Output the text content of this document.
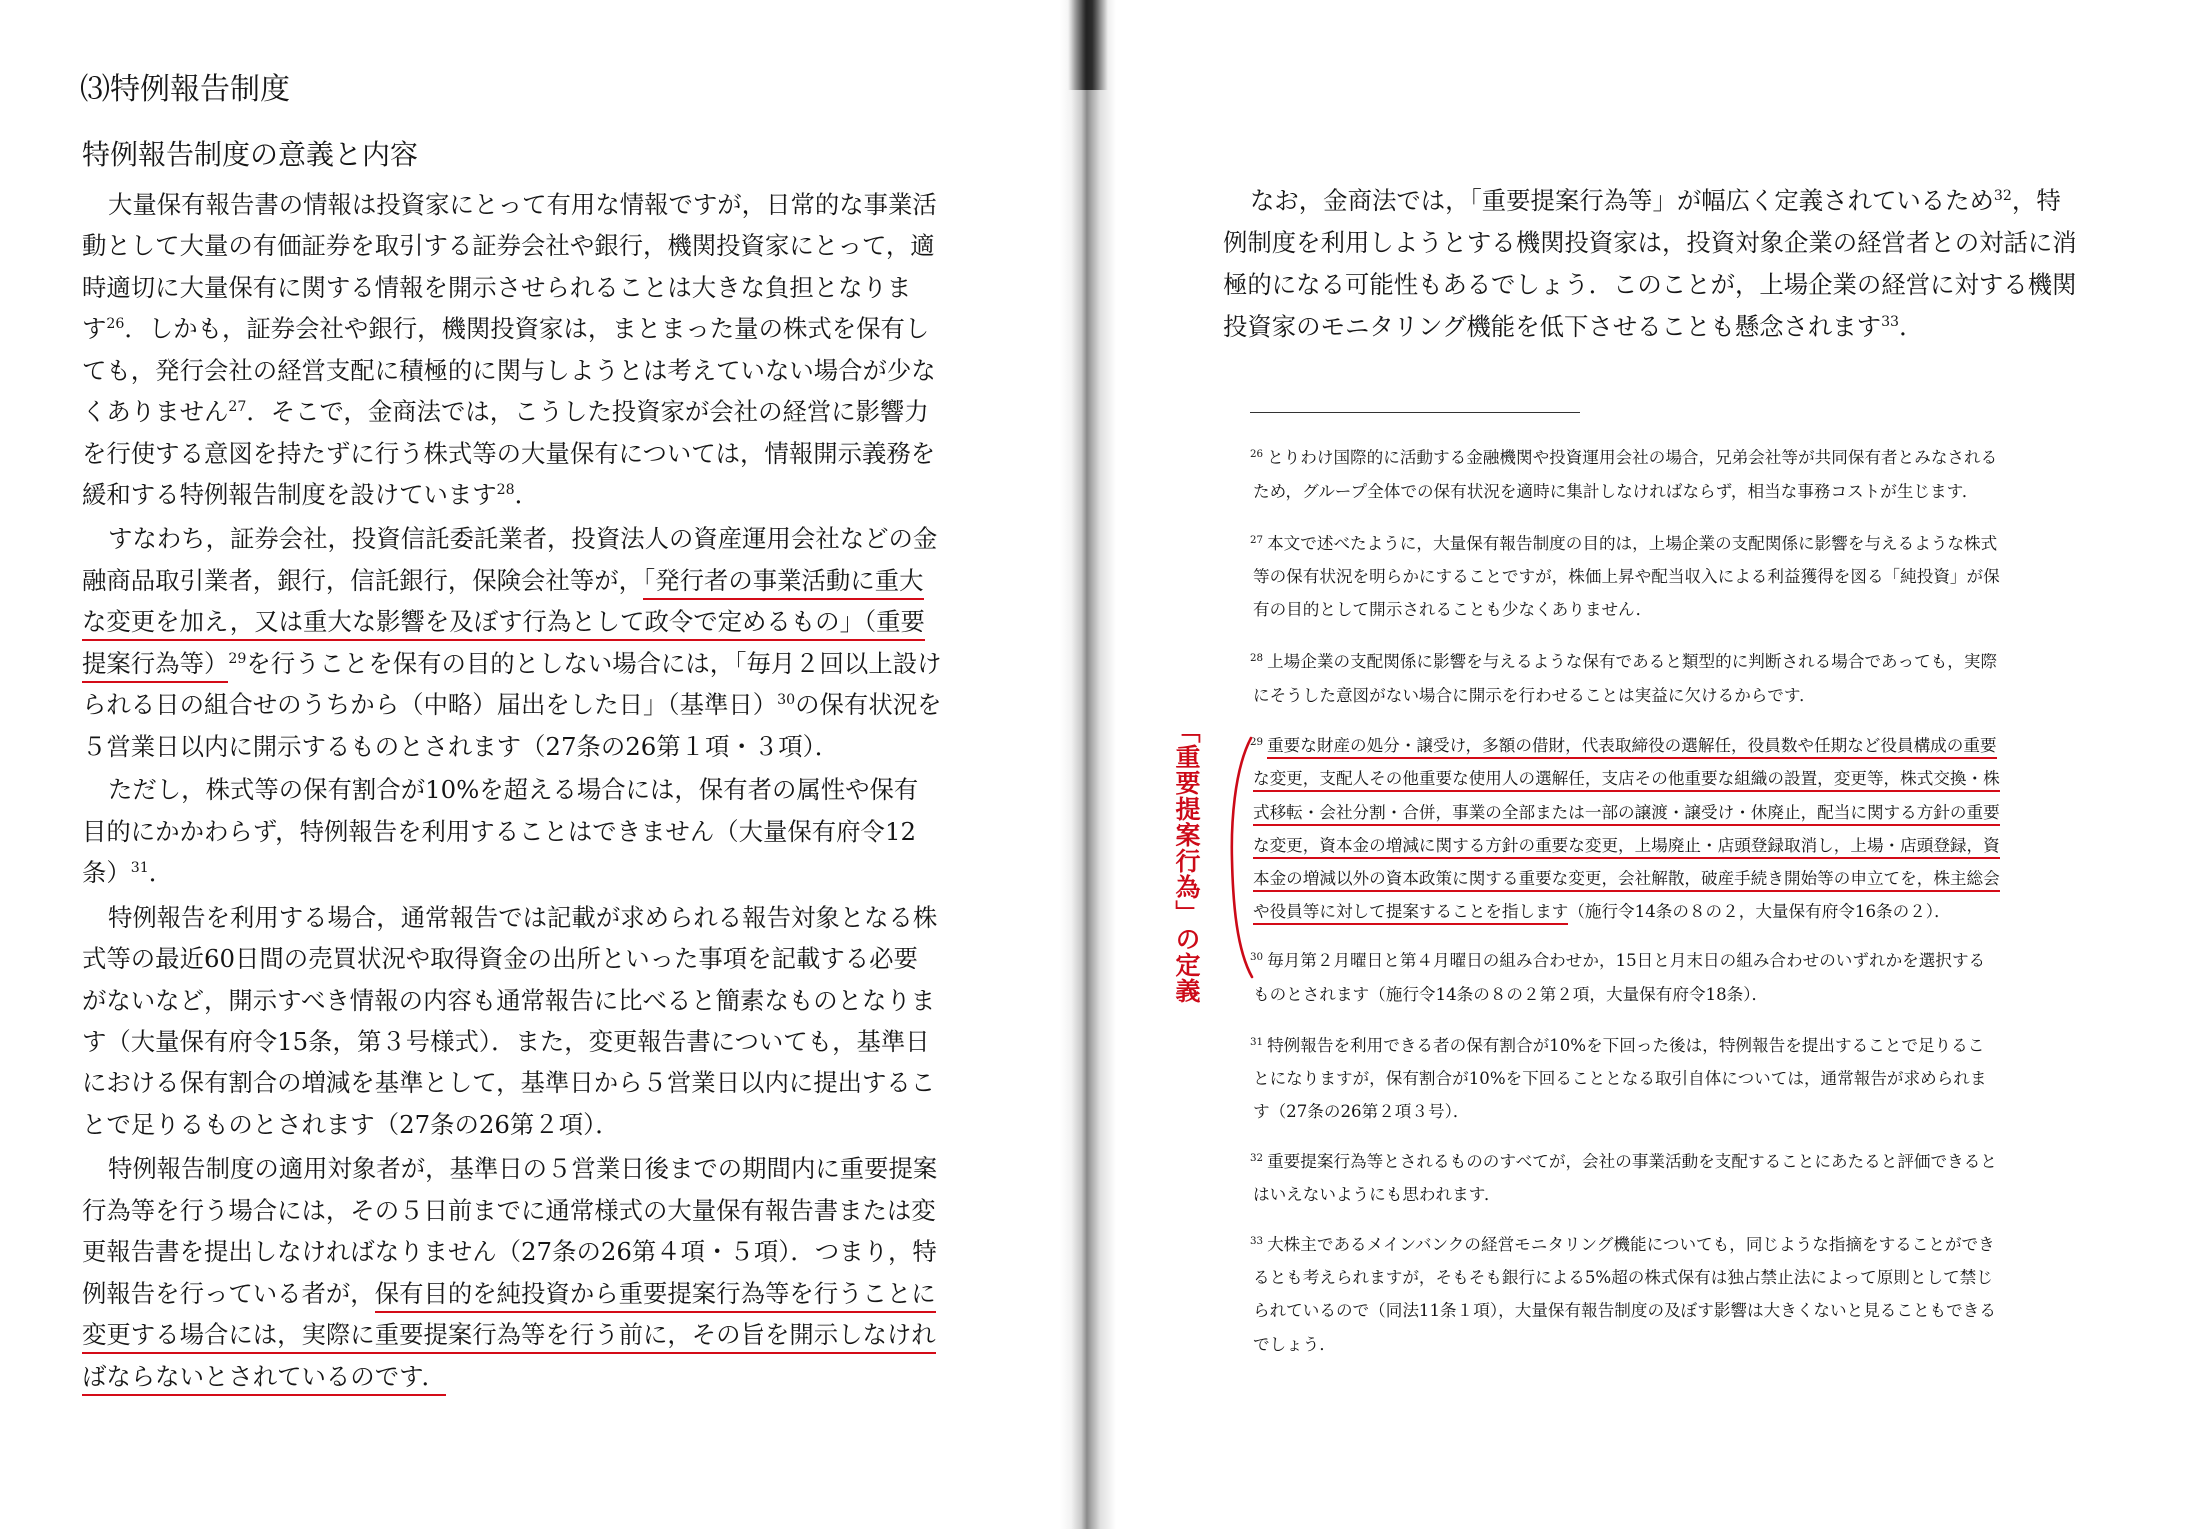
⑶特例報告制度
特例報告制度の意義と内容
大量保有報告書の情報は投資家にとって有用な情報ですが，日常的な事業活
動として大量の有価証券を取引する証券会社や銀行，機関投資家にとって，適
時適切に大量保有に関する情報を開示させられることは大きな負担となりま
す$^{26}$．しかも，証券会社や銀行，機関投資家は，まとまった量の株式を保有し
ても，発行会社の経営支配に積極的に関与しようとは考えていない場合が少な
くありません$^{27}$．そこで，金商法では，こうした投資家が会社の経営に影響力
を行使する意図を持たずに行う株式等の大量保有については，情報開示義務を
緩和する特例報告制度を設けています$^{28}$．
すなわち，証券会社，投資信託委託業者，投資法人の資産運用会社などの金
融商品取引業者，銀行，信託銀行，保険会社等が，「発行者の事業活動に重大
な変更を加え，又は重大な影響を及ぼす行為として政令で定めるもの」（重要
提案行為等）$^{29}$を行うことを保有の目的としない場合には，「毎月２回以上設け
られる日の組合せのうちから（中略）届出をした日」（基準日）$^{30}$の保有状況を
５営業日以内に開示するものとされます（27条の26第１項・３項）．
ただし，株式等の保有割合が10%を超える場合には，保有者の属性や保有
目的にかかわらず，特例報告を利用することはできません（大量保有府令12
条）$^{31}$．
特例報告を利用する場合，通常報告では記載が求められる報告対象となる株
式等の最近60日間の売買状況や取得資金の出所といった事項を記載する必要
がないなど，開示すべき情報の内容も通常報告に比べると簡素なものとなりま
す（大量保有府令15条，第３号様式）．また，変更報告書についても，基準日
における保有割合の増減を基準として，基準日から５営業日以内に提出するこ
とで足りるものとされます（27条の26第２項）．
特例報告制度の適用対象者が，基準日の５営業日後までの期間内に重要提案
行為等を行う場合には，その５日前までに通常様式の大量保有報告書または変
更報告書を提出しなければなりません（27条の26第４項・５項）．つまり，特
例報告を行っている者が，保有目的を純投資から重要提案行為等を行うことに
変更する場合には，実際に重要提案行為等を行う前に，その旨を開示しなけれ
ばならないとされているのです．
なお，金商法では，「重要提案行為等」が幅広く定義されているため$^{32}$，特
例制度を利用しようとする機関投資家は，投資対象企業の経営者との対話に消
極的になる可能性もあるでしょう．このことが，上場企業の経営に対する機関
投資家のモニタリング機能を低下させることも懸念されます$^{33}$．
$^{26}$ とりわけ国際的に活動する金融機関や投資運用会社の場合，兄弟会社等が共同保有者とみなされる
ため，グループ全体での保有状況を適時に集計しなければならず，相当な事務コストが生じます．
$^{27}$ 本文で述べたように，大量保有報告制度の目的は，上場企業の支配関係に影響を与えるような株式
等の保有状況を明らかにすることですが，株価上昇や配当収入による利益獲得を図る「純投資」が保
有の目的として開示されることも少なくありません．
$^{28}$ 上場企業の支配関係に影響を与えるような保有であると類型的に判断される場合であっても，実際
にそうした意図がない場合に開示を行わせることは実益に欠けるからです．
$^{29}$ 重要な財産の処分・譲受け，多額の借財，代表取締役の選解任，役員数や任期など役員構成の重要
な変更，支配人その他重要な使用人の選解任，支店その他重要な組織の設置，変更等，株式交換・株
式移転・会社分割・合併，事業の全部または一部の譲渡・譲受け・休廃止，配当に関する方針の重要
な変更，資本金の増減に関する方針の重要な変更，上場廃止・店頭登録取消し，上場・店頭登録，資
本金の増減以外の資本政策に関する重要な変更，会社解散，破産手続き開始等の申立てを，株主総会
や役員等に対して提案することを指します（施行令14条の８の２，大量保有府令16条の２）．
$^{30}$ 毎月第２月曜日と第４月曜日の組み合わせか，15日と月末日の組み合わせのいずれかを選択する
ものとされます（施行令14条の８の２第２項，大量保有府令18条）．
$^{31}$ 特例報告を利用できる者の保有割合が10%を下回った後は，特例報告を提出することで足りるこ
とになりますが，保有割合が10%を下回ることとなる取引自体については，通常報告が求められま
す（27条の26第２項３号）．
$^{32}$ 重要提案行為等とされるもののすべてが，会社の事業活動を支配することにあたると評価できると
はいえないようにも思われます．
$^{33}$ 大株主であるメインバンクの経営モニタリング機能についても，同じような指摘をすることができ
るとも考えられますが，そもそも銀行による5%超の株式保有は独占禁止法によって原則として禁じ
られているので（同法11条１項），大量保有報告制度の及ぼす影響は大きくないと見ることもできる
でしょう．
「重要提案行為」の定義
